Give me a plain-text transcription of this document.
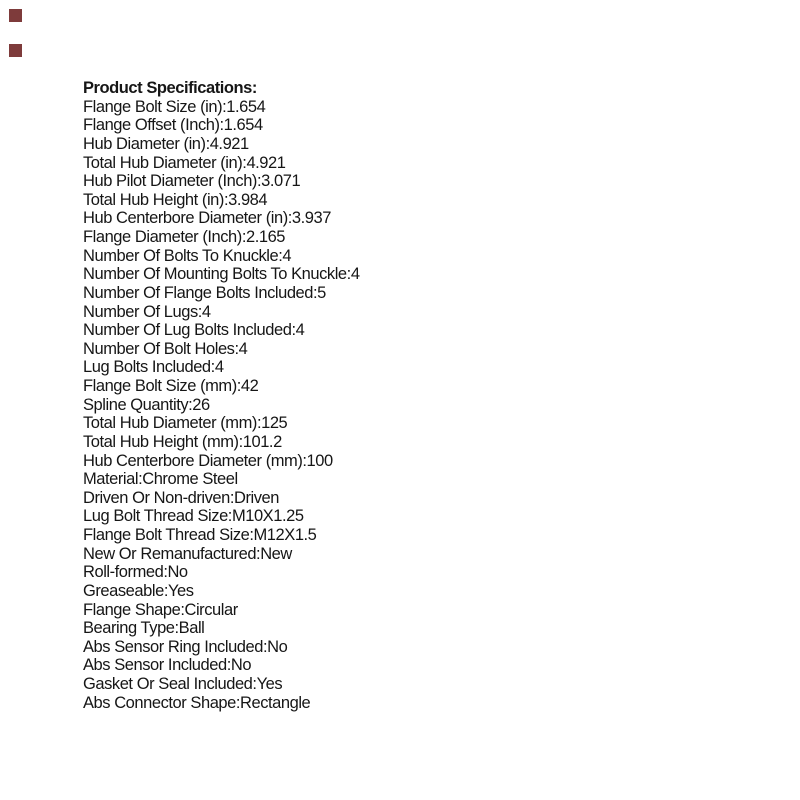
Product Specifications:
Flange Bolt Size (in):1.654
Flange Offset (Inch):1.654
Hub Diameter (in):4.921
Total Hub Diameter (in):4.921
Hub Pilot Diameter (Inch):3.071
Total Hub Height (in):3.984
Hub Centerbore Diameter (in):3.937
Flange Diameter (Inch):2.165
Number Of Bolts To Knuckle:4
Number Of Mounting Bolts To Knuckle:4
Number Of Flange Bolts Included:5
Number Of Lugs:4
Number Of Lug Bolts Included:4
Number Of Bolt Holes:4
Lug Bolts Included:4
Flange Bolt Size (mm):42
Spline Quantity:26
Total Hub Diameter (mm):125
Total Hub Height (mm):101.2
Hub Centerbore Diameter (mm):100
Material:Chrome Steel
Driven Or Non-driven:Driven
Lug Bolt Thread Size:M10X1.25
Flange Bolt Thread Size:M12X1.5
New Or Remanufactured:New
Roll-formed:No
Greaseable:Yes
Flange Shape:Circular
Bearing Type:Ball
Abs Sensor Ring Included:No
Abs Sensor Included:No
Gasket Or Seal Included:Yes
Abs Connector Shape:Rectangle
